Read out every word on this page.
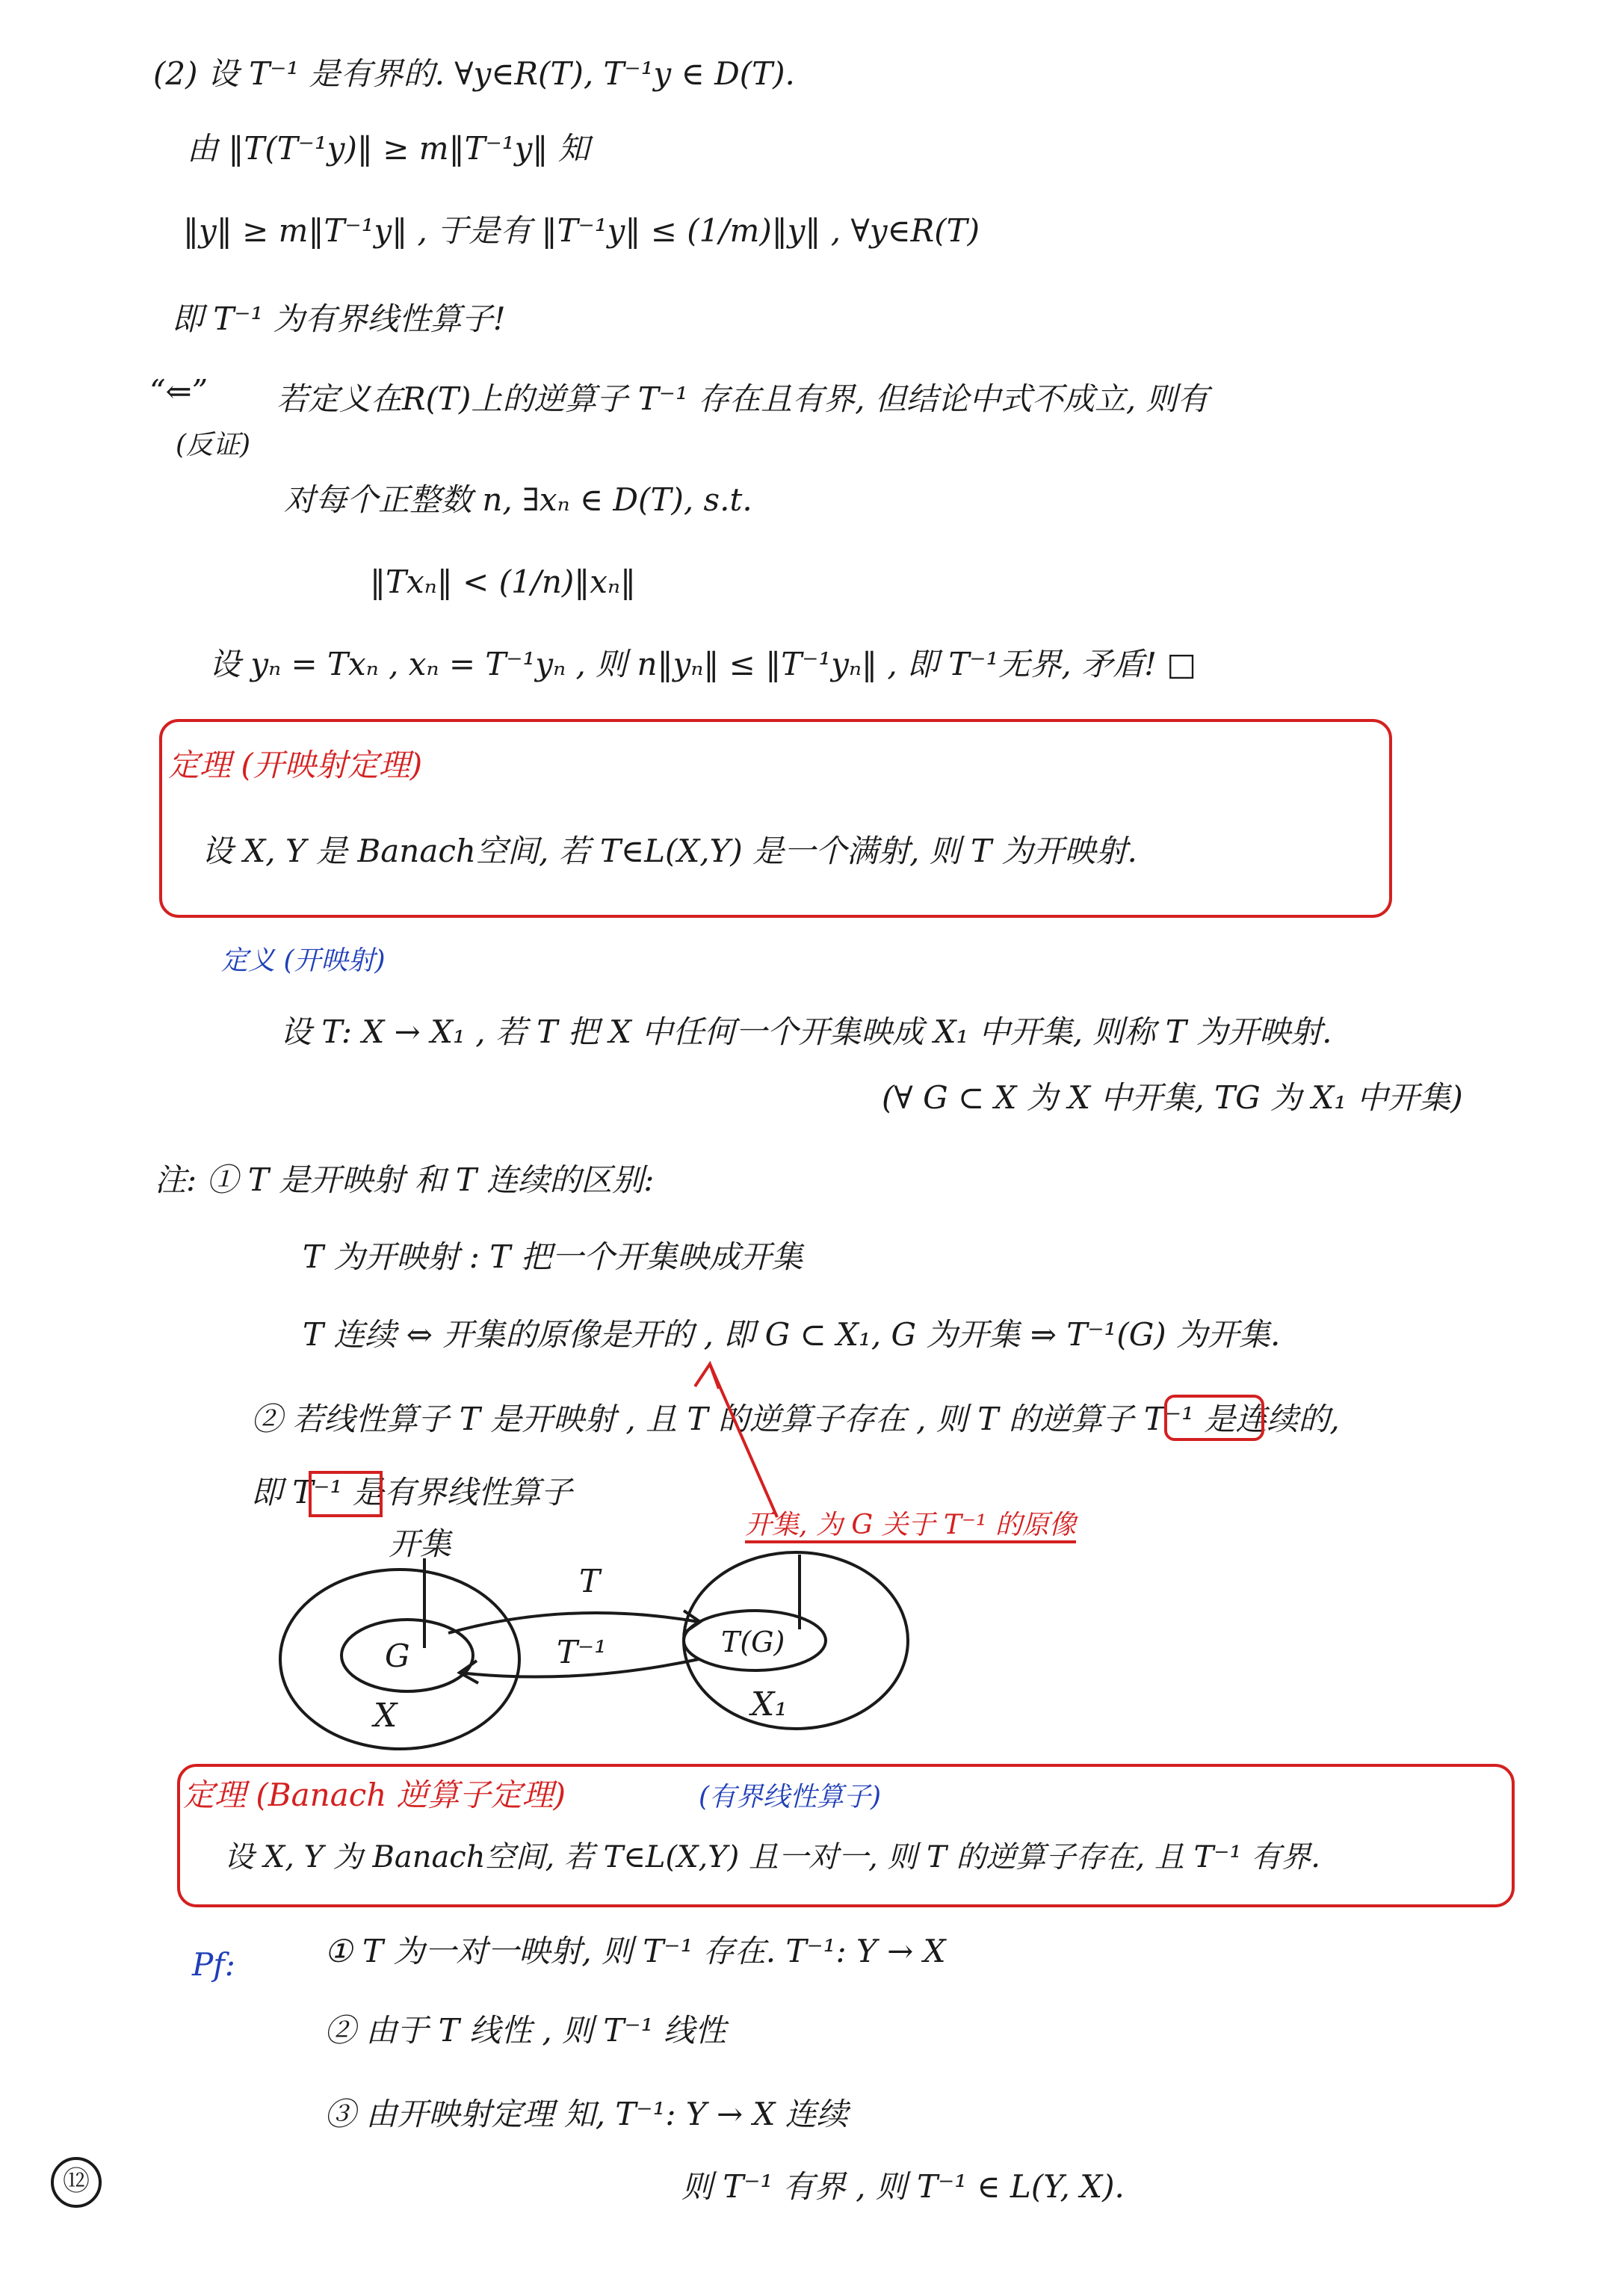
(2) 设 T⁻¹ 是有界的. ∀y∈R(T), T⁻¹y ∈ D(T).
由 ‖T(T⁻¹y)‖ ≥ m‖T⁻¹y‖ 知
‖y‖ ≥ m‖T⁻¹y‖ , 于是有 ‖T⁻¹y‖ ≤ (1/m)‖y‖ , ∀y∈R(T)
即 T⁻¹ 为有界线性算子!
“⇐” 若定义在R(T)上的逆算子 T⁻¹ 存在且有界, 但结论中式不成立, 则有
(反证)
对每个正整数 n, ∃xₙ ∈ D(T), s.t.
‖Txₙ‖ < (1/n)‖xₙ‖
设 yₙ = Txₙ , xₙ = T⁻¹yₙ , 则 n‖yₙ‖ ≤ ‖T⁻¹yₙ‖ , 即 T⁻¹无界, 矛盾! □
定理 (开映射定理)
设 X, Y 是 Banach空间, 若 T∈L(X,Y) 是一个满射, 则 T 为开映射.
定义 (开映射)
设 T: X → X₁ , 若 T 把 X 中任何一个开集映成 X₁ 中开集, 则称 T 为开映射.
(∀ G ⊂ X 为 X 中开集, TG 为 X₁ 中开集)
注: ① T 是开映射 和 T 连续的区别:
T 为开映射 : T 把一个开集映成开集
T 连续 ⇔ 开集的原像是开的 , 即 G ⊂ X₁, G 为开集 ⇒ T⁻¹(G) 为开集.
② 若线性算子 T 是开映射 , 且 T 的逆算子存在 , 则 T 的逆算子 T⁻¹ 是连续的,
即 T⁻¹ 是有界线性算子
开集, 为 G 关于 T⁻¹ 的原像
开集
G
T
T⁻¹	T(G)
X	X₁
定理 (Banach 逆算子定理)	(有界线性算子)
设 X, Y 为 Banach空间, 若 T∈L(X,Y) 且一对一, 则 T 的逆算子存在, 且 T⁻¹ 有界.
Pf:	① T 为一对一映射, 则 T⁻¹ 存在. T⁻¹: Y → X
② 由于 T 线性 , 则 T⁻¹ 线性
③ 由开映射定理 知, T⁻¹: Y → X 连续
则 T⁻¹ 有界 , 则 T⁻¹ ∈ L(Y, X).
⑫
